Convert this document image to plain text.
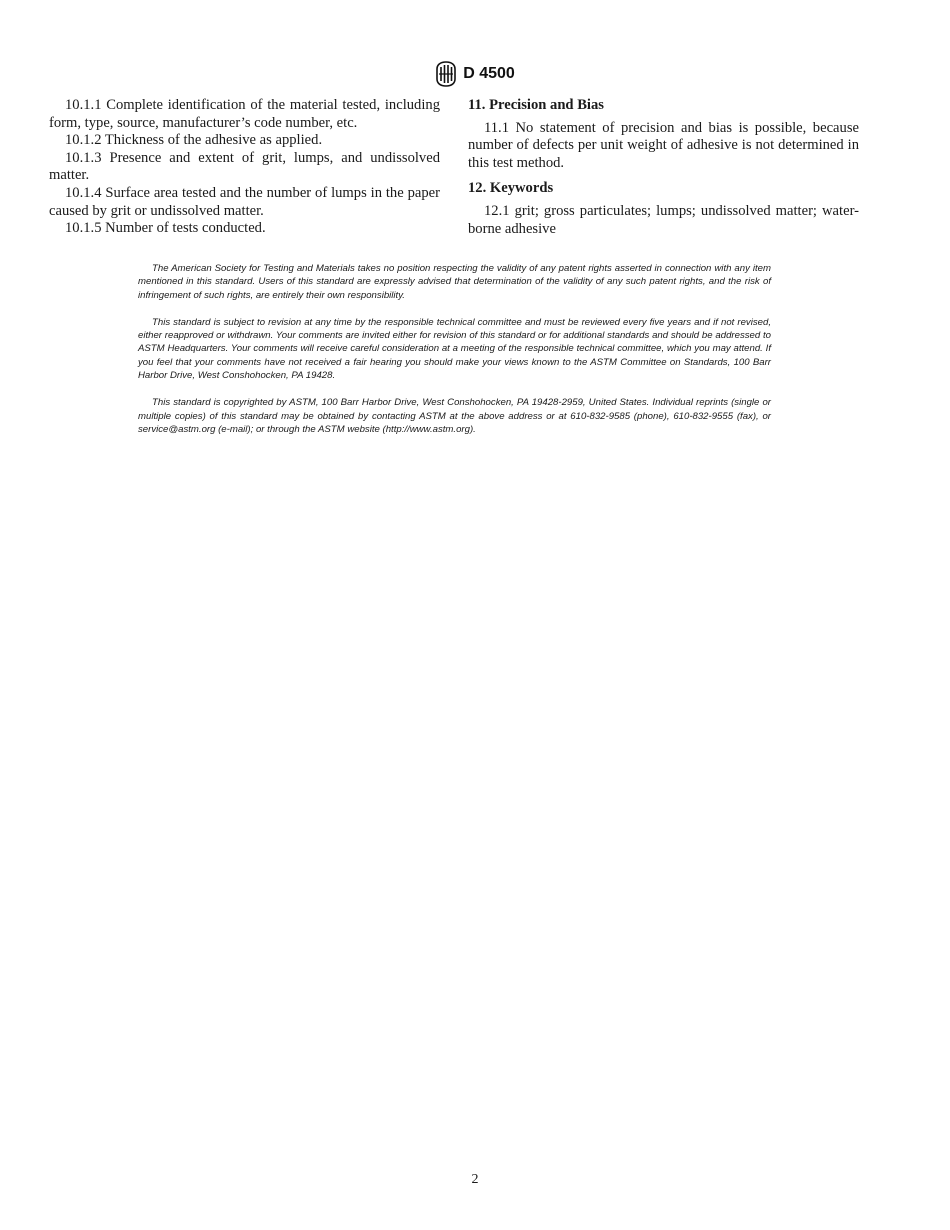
D 4500

10.1.1 Complete identification of the material tested, including form, type, source, manufacturer’s code number, etc.

10.1.2 Thickness of the adhesive as applied.

10.1.3 Presence and extent of grit, lumps, and undissolved matter.

10.1.4 Surface area tested and the number of lumps in the paper caused by grit or undissolved matter.

10.1.5 Number of tests conducted.

11. Precision and Bias

11.1 No statement of precision and bias is possible, because number of defects per unit weight of adhesive is not determined in this test method.

12. Keywords

12.1 grit; gross particulates; lumps; undissolved matter; water-borne adhesive

The American Society for Testing and Materials takes no position respecting the validity of any patent rights asserted in connection with any item mentioned in this standard. Users of this standard are expressly advised that determination of the validity of any such patent rights, and the risk of infringement of such rights, are entirely their own responsibility.

This standard is subject to revision at any time by the responsible technical committee and must be reviewed every five years and if not revised, either reapproved or withdrawn. Your comments are invited either for revision of this standard or for additional standards and should be addressed to ASTM Headquarters. Your comments will receive careful consideration at a meeting of the responsible technical committee, which you may attend. If you feel that your comments have not received a fair hearing you should make your views known to the ASTM Committee on Standards, 100 Barr Harbor Drive, West Conshohocken, PA 19428.

This standard is copyrighted by ASTM, 100 Barr Harbor Drive, West Conshohocken, PA 19428-2959, United States. Individual reprints (single or multiple copies) of this standard may be obtained by contacting ASTM at the above address or at 610-832-9585 (phone), 610-832-9555 (fax), or service@astm.org (e-mail); or through the ASTM website (http://www.astm.org).

2
